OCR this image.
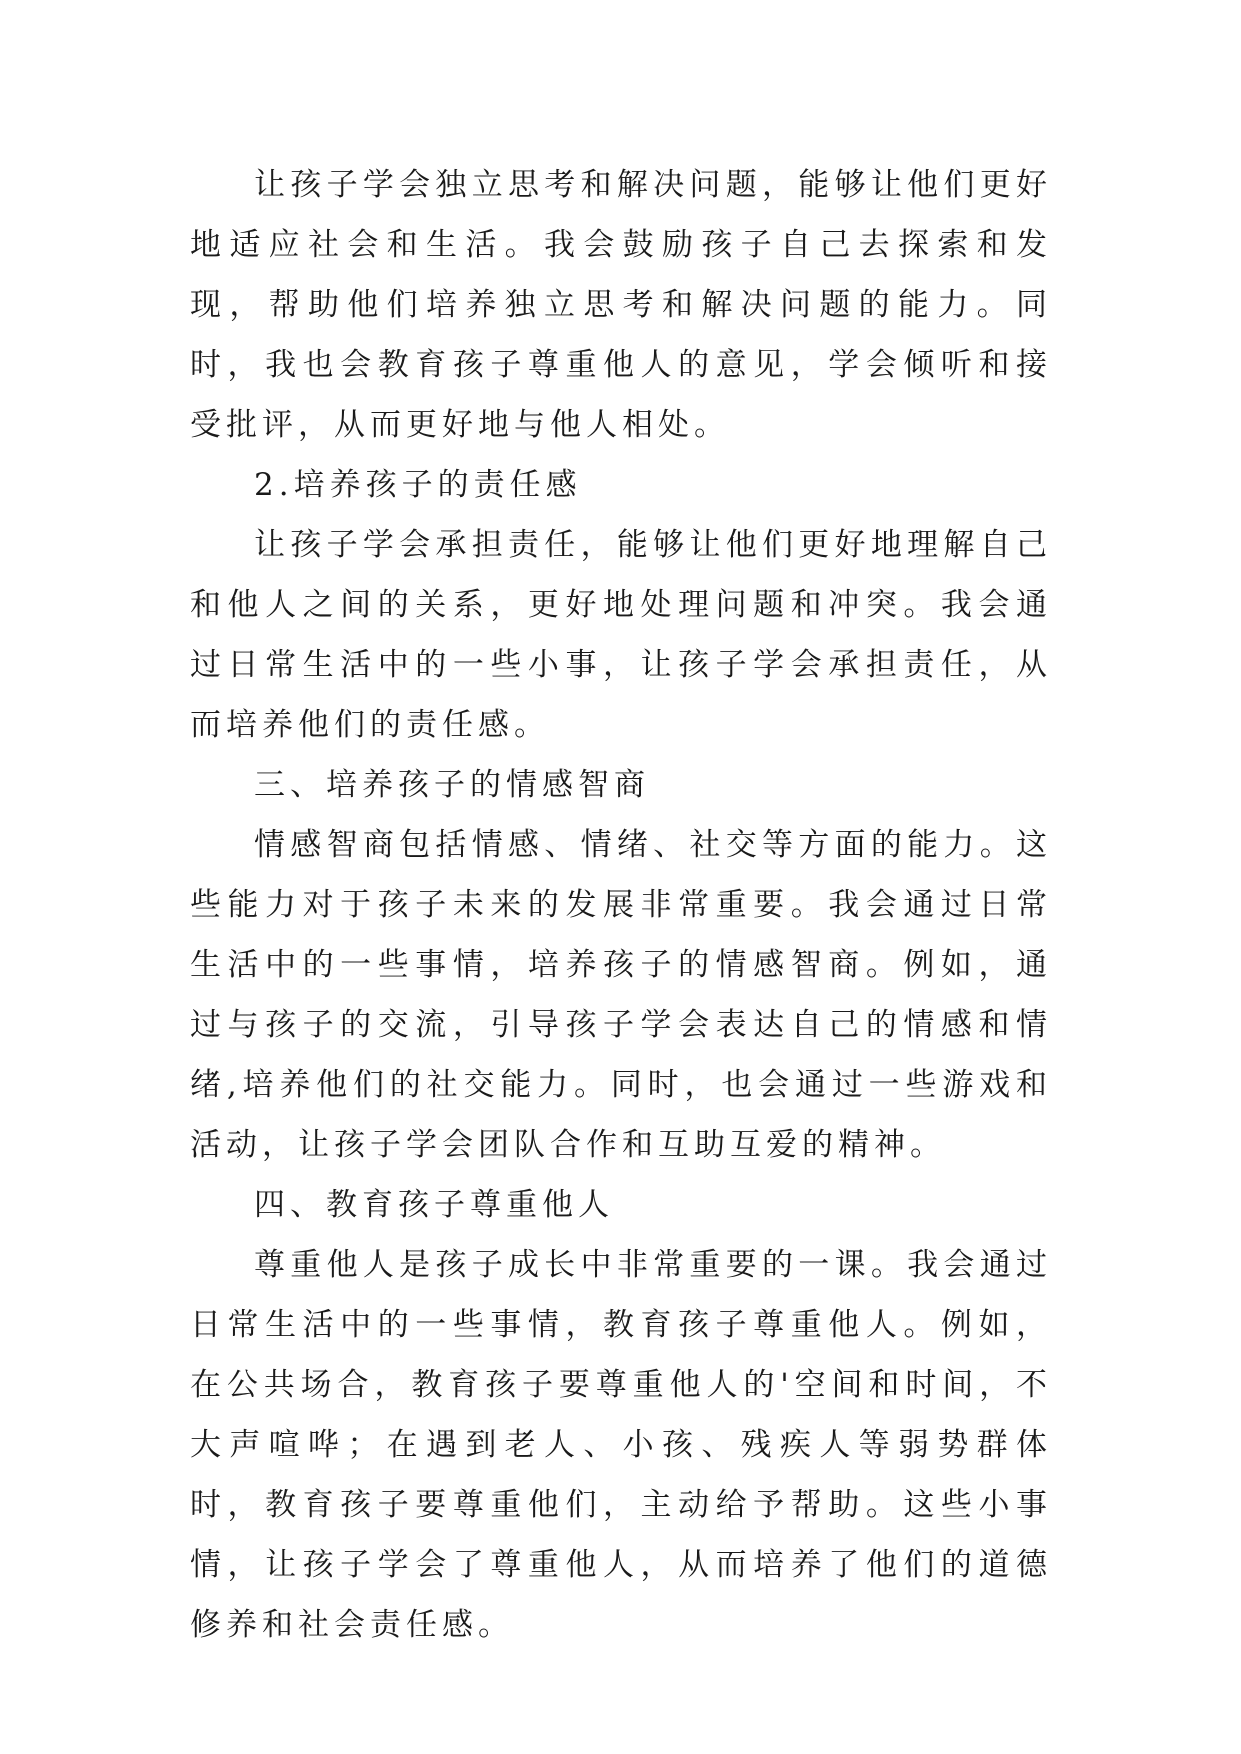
让孩子学会独立思考和解决问题，能够让他们更好地适应社会和生活。我会鼓励孩子自己去探索和发现，帮助他们培养独立思考和解决问题的能力。同时，我也会教育孩子尊重他人的意见，学会倾听和接受批评，从而更好地与他人相处。

2.培养孩子的责任感

让孩子学会承担责任，能够让他们更好地理解自己和他人之间的关系，更好地处理问题和冲突。我会通过日常生活中的一些小事，让孩子学会承担责任，从而培养他们的责任感。

三、培养孩子的情感智商

情感智商包括情感、情绪、社交等方面的能力。这些能力对于孩子未来的发展非常重要。我会通过日常生活中的一些事情，培养孩子的情感智商。例如，通过与孩子的交流，引导孩子学会表达自己的情感和情绪,培养他们的社交能力。同时，也会通过一些游戏和活动，让孩子学会团队合作和互助互爱的精神。

四、教育孩子尊重他人

尊重他人是孩子成长中非常重要的一课。我会通过日常生活中的一些事情，教育孩子尊重他人。例如，在公共场合，教育孩子要尊重他人的'空间和时间，不大声喧哗；在遇到老人、小孩、残疾人等弱势群体时，教育孩子要尊重他们，主动给予帮助。这些小事情，让孩子学会了尊重他人，从而培养了他们的道德修养和社会责任感。
